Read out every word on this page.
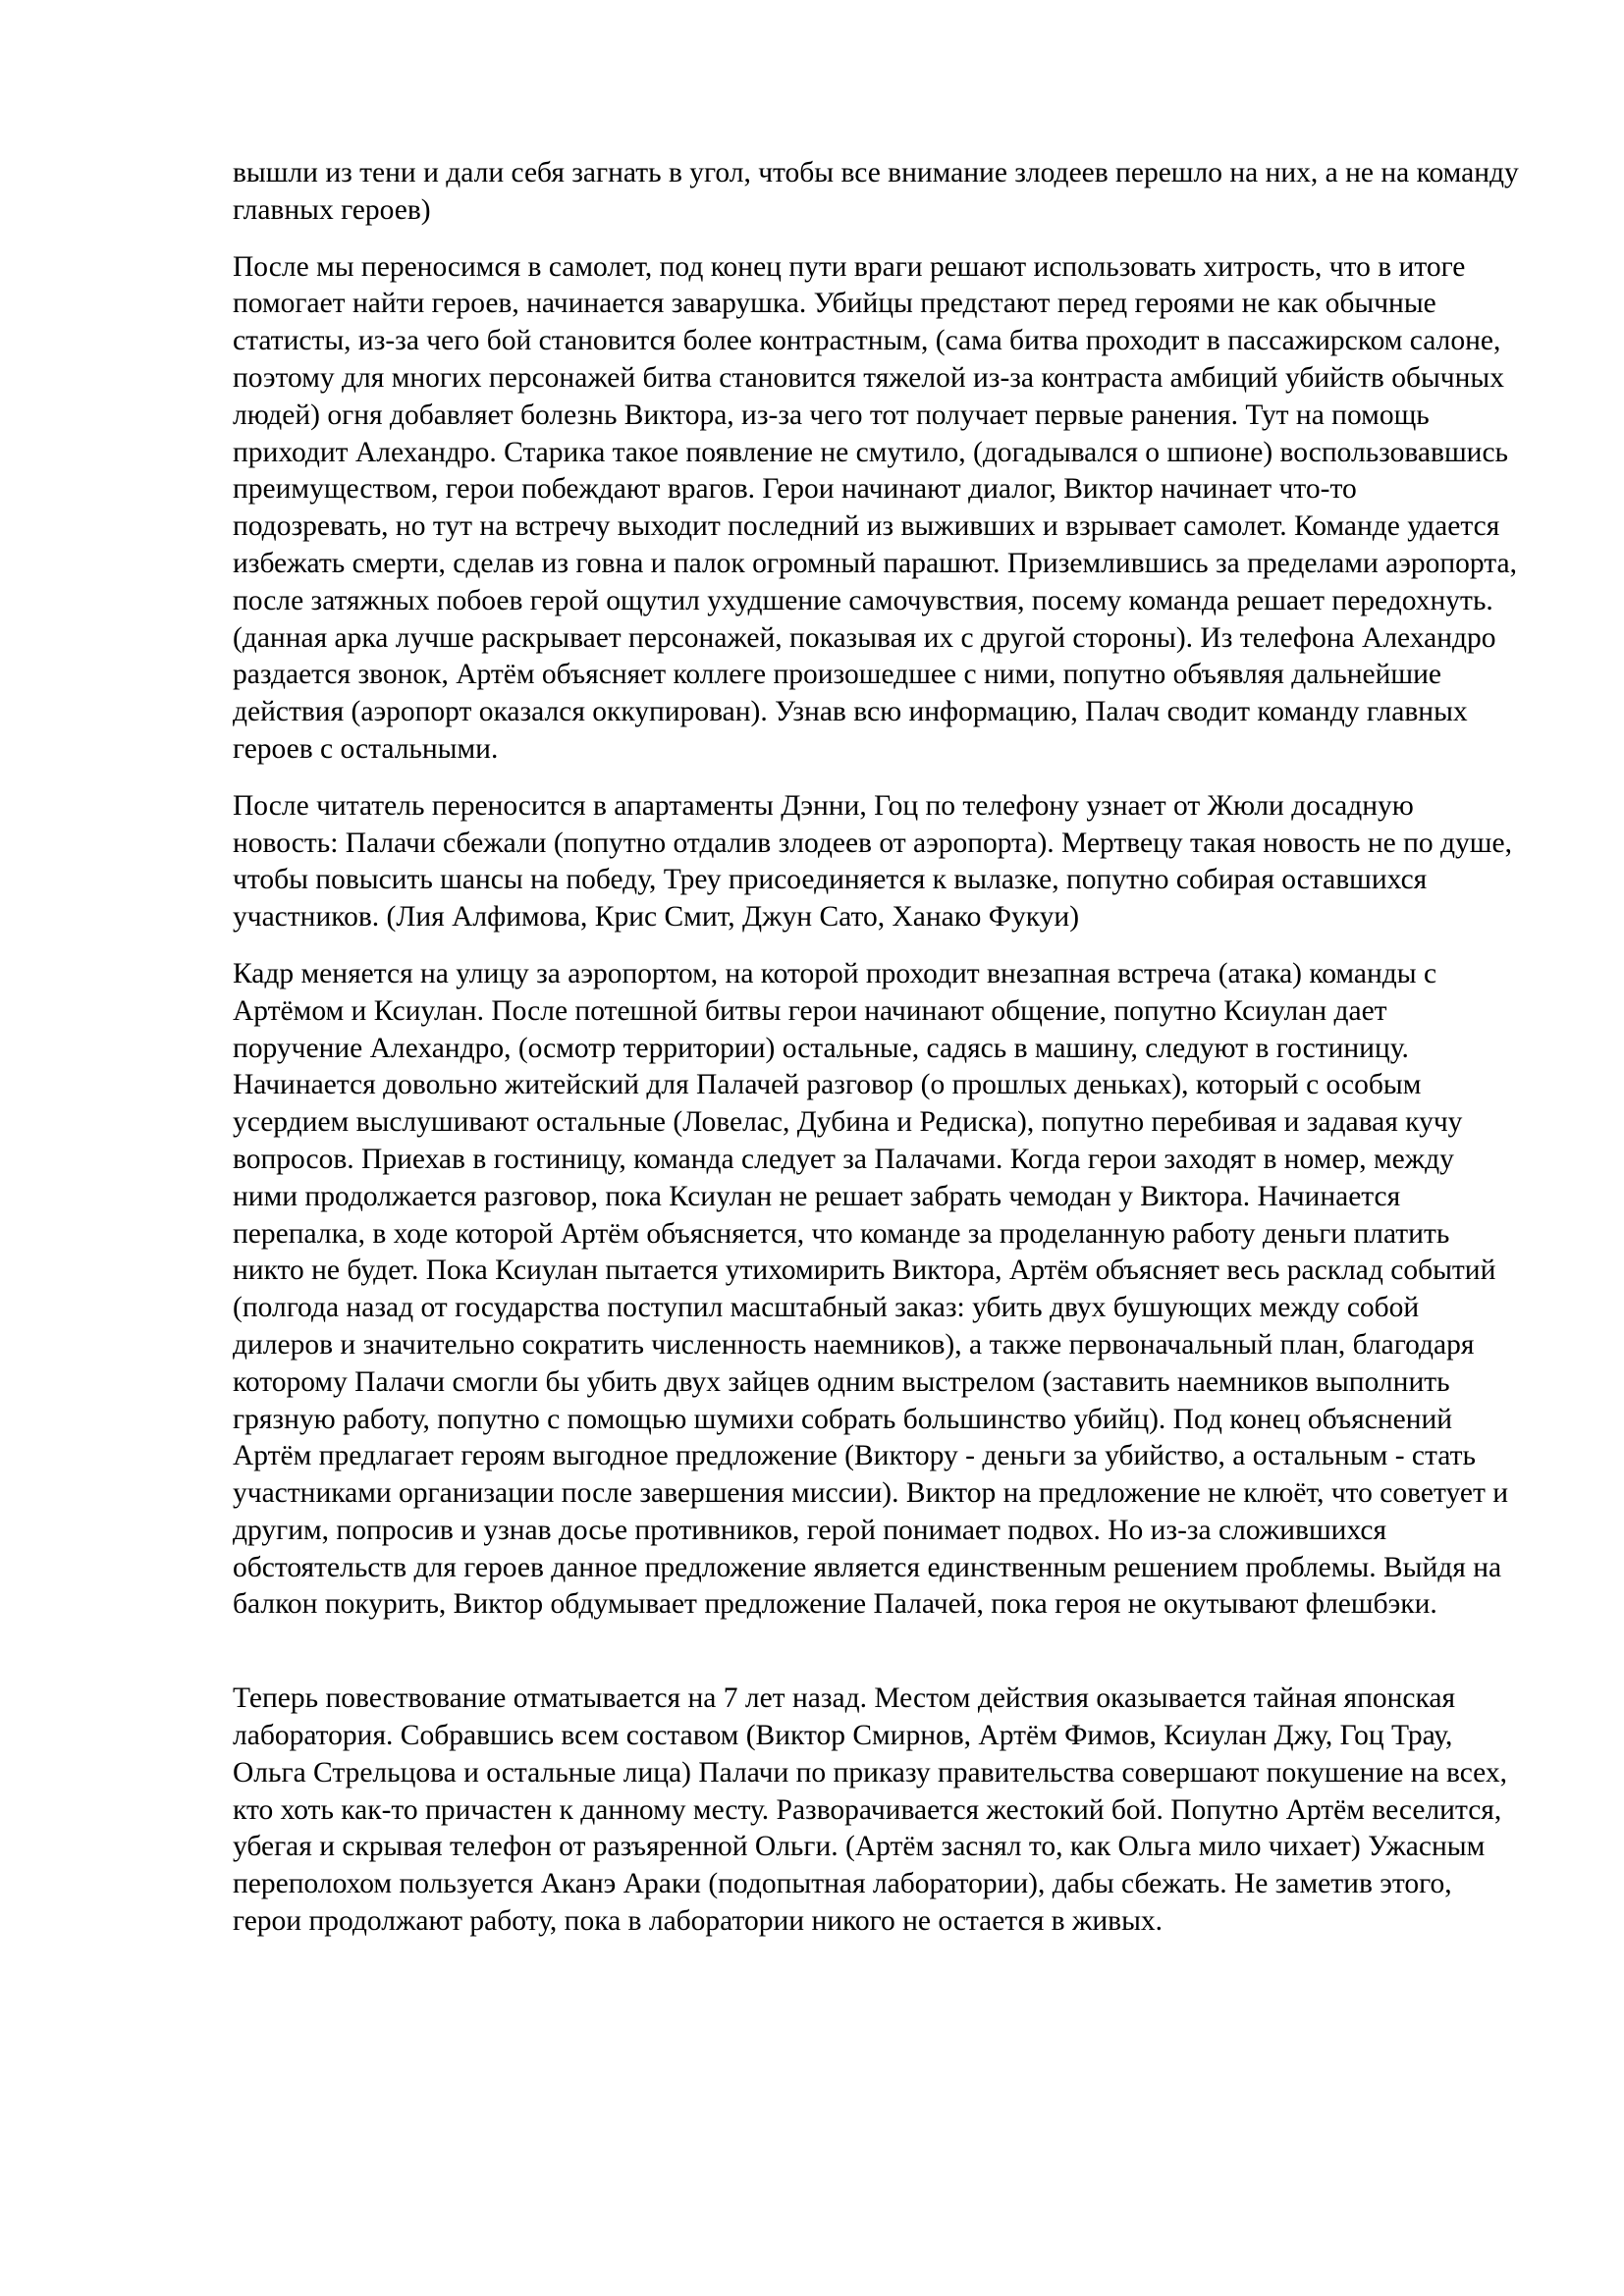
вышли из тени и дали себя загнать в угол, чтобы все внимание злодеев перешло на них, а не на команду главных героев)

После мы переносимся в самолет, под конец пути враги решают использовать хитрость, что в итоге помогает найти героев, начинается заварушка. Убийцы предстают перед героями не как обычные статисты, из-за чего бой становится более контрастным, (сама битва проходит в пассажирском салоне, поэтому для многих персонажей битва становится тяжелой из-за контраста амбиций убийств обычных людей) огня добавляет болезнь Виктора, из-за чего тот получает первые ранения. Тут на помощь приходит Алехандро. Старика такое появление не смутило, (догадывался о шпионе) воспользовавшись преимуществом, герои побеждают врагов. Герои начинают диалог, Виктор начинает что-то подозревать, но тут на встречу выходит последний из выживших и взрывает самолет. Команде удается избежать смерти, сделав из говна и палок огромный парашют. Приземлившись за пределами аэропорта, после затяжных побоев герой ощутил ухудшение самочувствия, посему команда решает передохнуть. (данная арка лучше раскрывает персонажей, показывая их с другой стороны). Из телефона Алехандро раздается звонок, Артём объясняет коллеге произошедшее с ними, попутно объявляя дальнейшие действия (аэропорт оказался оккупирован). Узнав всю информацию, Палач сводит команду главных героев с остальными.

После читатель переносится в апартаменты Дэнни, Гоц по телефону узнает от Жюли досадную новость: Палачи сбежали (попутно отдалив злодеев от аэропорта). Мертвецу такая новость не по душе, чтобы повысить шансы на победу, Треу присоединяется к вылазке, попутно собирая оставшихся участников. (Лия Алфимова, Крис Смит, Джун Сато, Ханако Фукуи)

Кадр меняется на улицу за аэропортом, на которой проходит внезапная встреча (атака) команды с Артёмом и Ксиулан. После потешной битвы герои начинают общение, попутно Ксиулан дает поручение Алехандро, (осмотр территории) остальные, садясь в машину, следуют в гостиницу. Начинается довольно житейский для Палачей разговор (о прошлых деньках), который с особым усердием выслушивают остальные (Ловелас, Дубина и Редиска), попутно перебивая и задавая кучу вопросов. Приехав в гостиницу, команда следует за Палачами. Когда герои заходят в номер, между ними продолжается разговор, пока Ксиулан не решает забрать чемодан у Виктора. Начинается перепалка, в ходе которой Артём объясняется, что команде за проделанную работу деньги платить никто не будет. Пока Ксиулан пытается утихомирить Виктора, Артём объясняет весь расклад событий (полгода назад от государства поступил масштабный заказ: убить двух бушующих между собой дилеров и значительно сократить численность наемников), а также первоначальный план, благодаря которому Палачи смогли бы убить двух зайцев одним выстрелом (заставить наемников выполнить грязную работу, попутно с помощью шумихи собрать большинство убийц). Под конец объяснений Артём предлагает героям выгодное предложение (Виктору - деньги за убийство, а остальным - стать участниками организации после завершения миссии). Виктор на предложение не клюёт, что советует и другим, попросив и узнав досье противников, герой понимает подвох. Но из-за сложившихся обстоятельств для героев данное предложение является единственным решением проблемы. Выйдя на балкон покурить, Виктор обдумывает предложение Палачей, пока героя не окутывают флешбэки.

Теперь повествование отматывается на 7 лет назад. Местом действия оказывается тайная японская лаборатория. Собравшись всем составом (Виктор Смирнов, Артём Фимов, Ксиулан Джу, Гоц Трау, Ольга Стрельцова и остальные лица) Палачи по приказу правительства совершают покушение на всех, кто хоть как-то причастен к данному месту. Разворачивается жестокий бой. Попутно Артём веселится, убегая и скрывая телефон от разъяренной Ольги. (Артём заснял то, как Ольга мило чихает) Ужасным переполохом пользуется Аканэ Араки (подопытная лаборатории), дабы сбежать. Не заметив этого, герои продолжают работу, пока в лаборатории никого не остается в живых.
